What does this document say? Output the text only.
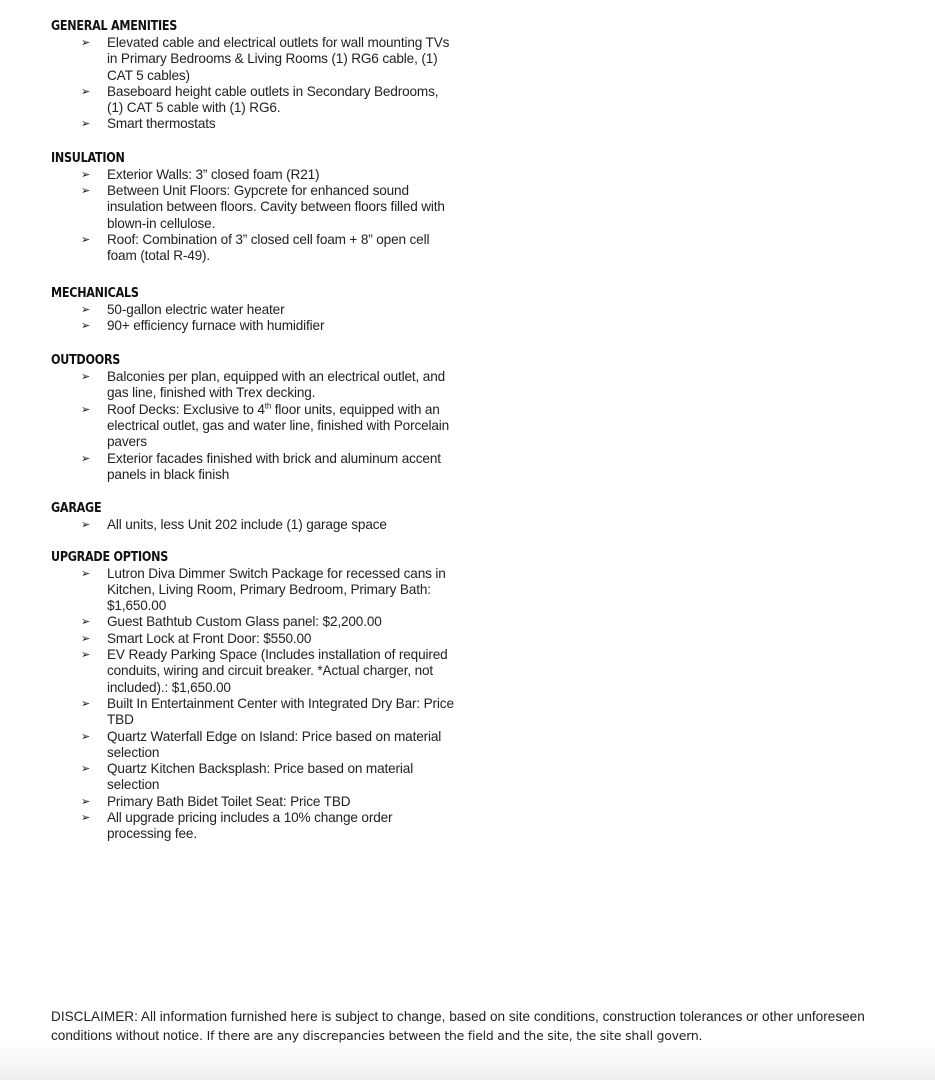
GENERAL AMENITIES
➢ Elevated cable and electrical outlets for wall mounting TVs in Primary Bedrooms & Living Rooms (1) RG6 cable, (1) CAT 5 cables)
➢ Baseboard height cable outlets in Secondary Bedrooms, (1) CAT 5 cable with (1) RG6.
➢ Smart thermostats
INSULATION
➢ Exterior Walls: 3” closed foam (R21)
➢ Between Unit Floors: Gypcrete for enhanced sound insulation between floors. Cavity between floors filled with blown-in cellulose.
➢ Roof: Combination of 3” closed cell foam + 8” open cell foam (total R-49).
MECHANICALS
➢ 50-gallon electric water heater
➢ 90+ efficiency furnace with humidifier
OUTDOORS
➢ Balconies per plan, equipped with an electrical outlet, and gas line, finished with Trex decking.
➢ Roof Decks: Exclusive to 4th floor units, equipped with an electrical outlet, gas and water line, finished with Porcelain pavers
➢ Exterior facades finished with brick and aluminum accent panels in black finish
GARAGE
➢ All units, less Unit 202 include (1) garage space
UPGRADE OPTIONS
➢ Lutron Diva Dimmer Switch Package for recessed cans in Kitchen, Living Room, Primary Bedroom, Primary Bath: $1,650.00
➢ Guest Bathtub Custom Glass panel: $2,200.00
➢ Smart Lock at Front Door: $550.00
➢ EV Ready Parking Space (Includes installation of required conduits, wiring and circuit breaker. *Actual charger, not included).: $1,650.00
➢ Built In Entertainment Center with Integrated Dry Bar: Price TBD
➢ Quartz Waterfall Edge on Island: Price based on material selection
➢ Quartz Kitchen Backsplash: Price based on material selection
➢ Primary Bath Bidet Toilet Seat: Price TBD
➢ All upgrade pricing includes a 10% change order processing fee.
DISCLAIMER: All information furnished here is subject to change, based on site conditions, construction tolerances or other unforeseen conditions without notice. If there are any discrepancies between the field and the site, the site shall govern.
